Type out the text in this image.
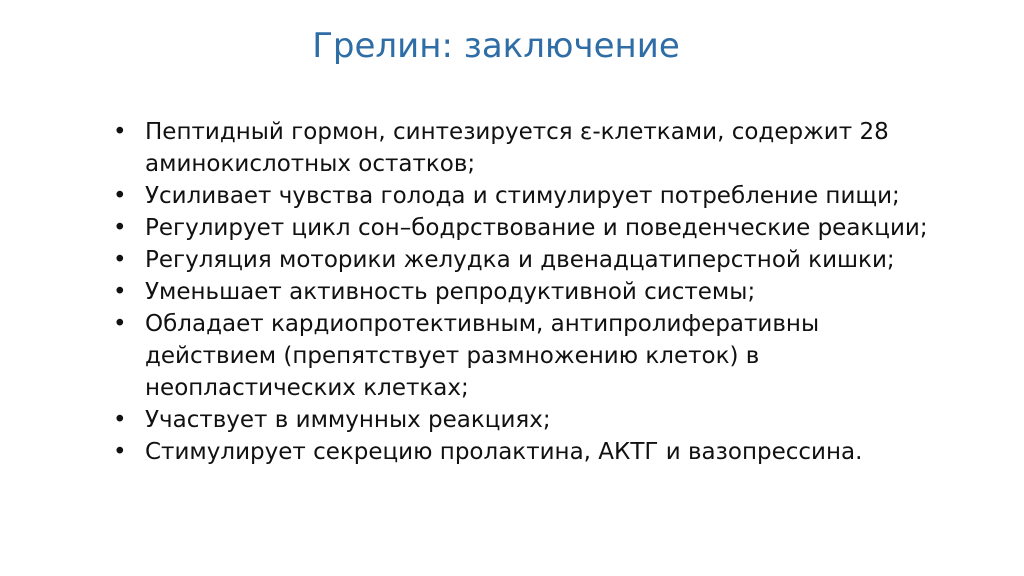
Грелин: заключение
• Пептидный гормон, синтезируется ε-клетками, содержит 28 аминокислотных остатков;
• Усиливает чувства голода и стимулирует потребление пищи;
• Регулирует цикл сон–бодрствование и поведенческие реакции;
• Регуляция моторики желудка и двенадцатиперстной кишки;
• Уменьшает активность репродуктивной системы;
• Обладает кардиопротективным, антипролиферативны действием (препятствует размножению клеток) в неопластических клетках;
• Участвует в иммунных реакциях;
• Стимулирует секрецию пролактина, АКТГ и вазопрессина.
